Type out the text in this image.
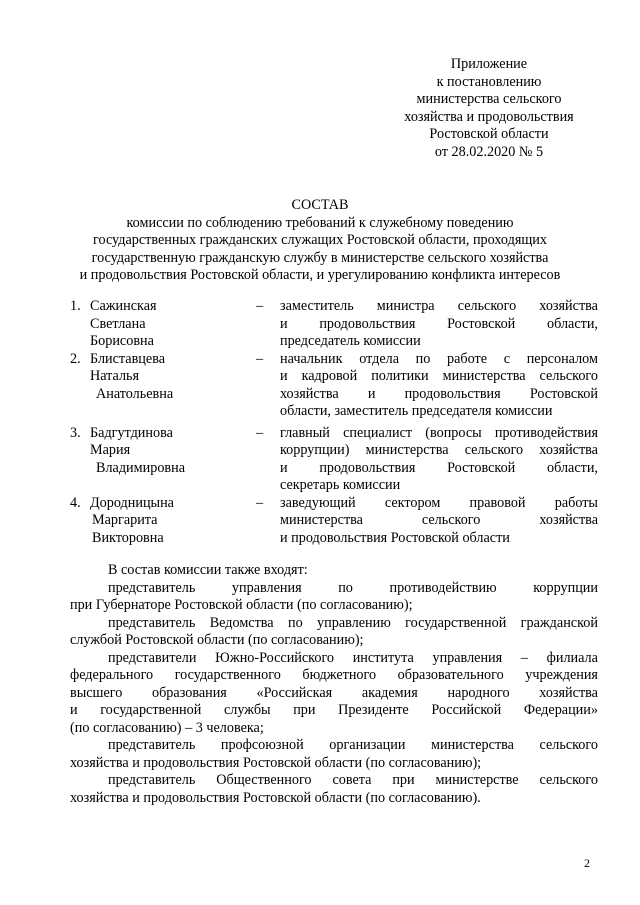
Приложение
к постановлению
министерства сельского
хозяйства и продовольствия
Ростовской области
от 28.02.2020 № 5
СОСТАВ
комиссии по соблюдению требований к служебному поведению
государственных гражданских служащих Ростовской области, проходящих
государственную гражданскую службу в министерстве сельского хозяйства
и продовольствия Ростовской области, и урегулированию конфликта интересов
1. Сажинская
Светлана
Борисовна
– заместитель министра сельского хозяйства
и продовольствия Ростовской области,
председатель комиссии
2. Блиставцева
Наталья
Анатольевна
– начальник отдела по работе с персоналом
и кадровой политики министерства сельского
хозяйства и продовольствия Ростовской
области, заместитель председателя комиссии
3. Бадгутдинова
Мария
Владимировна
– главный специалист (вопросы противодействия
коррупции) министерства сельского хозяйства
и продовольствия Ростовской области,
секретарь комиссии
4. Дородницына
Маргарита
Викторовна
– заведующий сектором правовой работы
министерства	сельского	хозяйства
и продовольствия Ростовской области
В состав комиссии также входят:
представитель	управления	по	противодействию	коррупции
при Губернаторе Ростовской области (по согласованию);
представитель Ведомства по управлению государственной гражданской
службой Ростовской области (по согласованию);
представители Южно-Российского института управления – филиала
федерального государственного бюджетного образовательного учреждения
высшего образования «Российская академия народного хозяйства
и государственной службы при Президенте Российской Федерации»
(по согласованию) – 3 человека;
представитель профсоюзной организации министерства сельского
хозяйства и продовольствия Ростовской области (по согласованию);
представитель Общественного совета при министерстве сельского
хозяйства и продовольствия Ростовской области (по согласованию).
2
